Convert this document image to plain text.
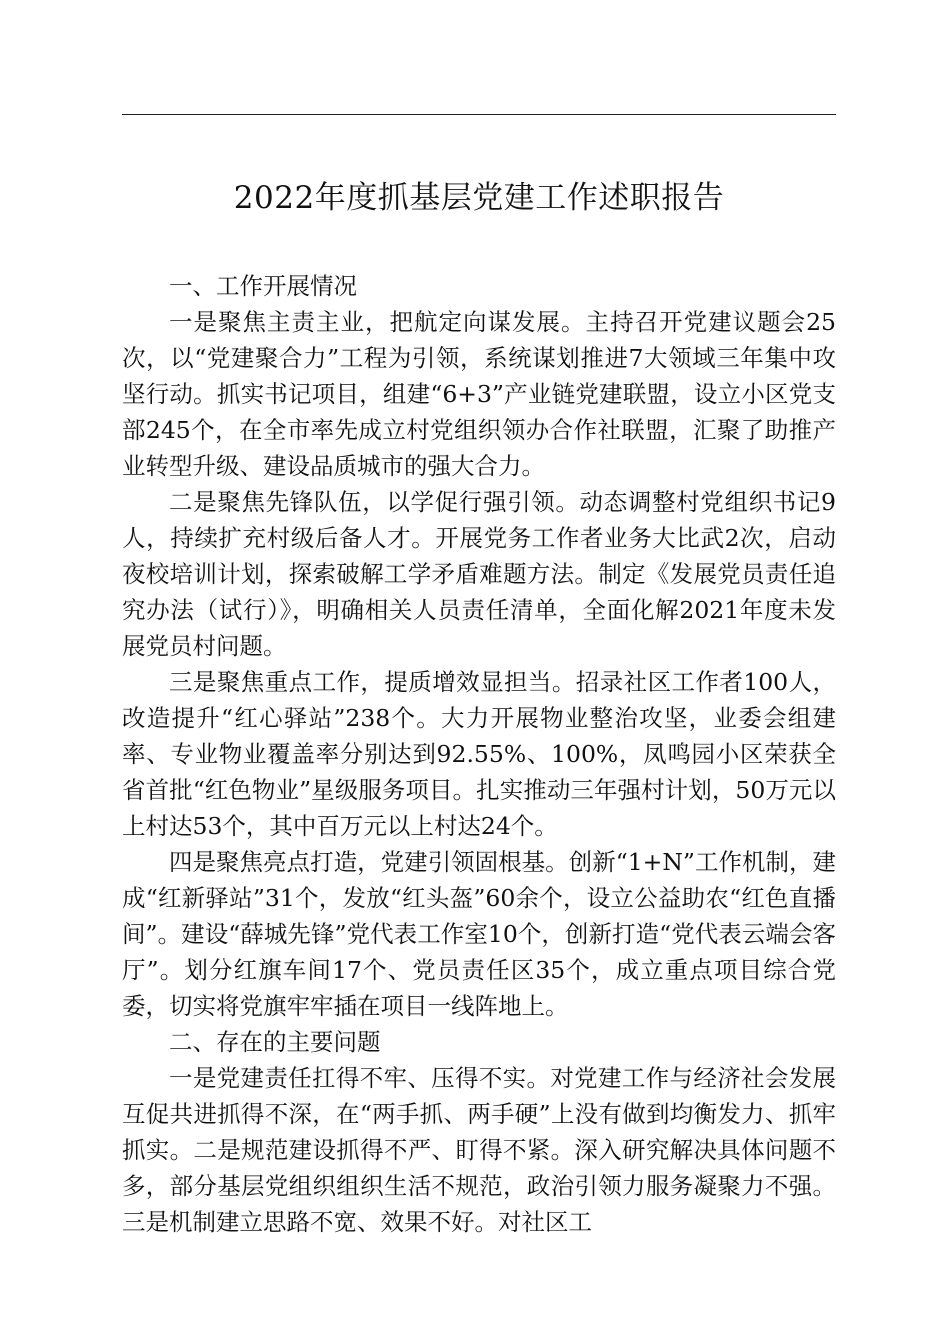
2022年度抓基层党建工作述职报告

一、工作开展情况

一是聚焦主责主业，把航定向谋发展。主持召开党建议题会25次，以“党建聚合力”工程为引领，系统谋划推进7大领域三年集中攻坚行动。抓实书记项目，组建“6+3”产业链党建联盟，设立小区党支部245个，在全市率先成立村党组织领办合作社联盟，汇聚了助推产业转型升级、建设品质城市的强大合力。

二是聚焦先锋队伍，以学促行强引领。动态调整村党组织书记9人，持续扩充村级后备人才。开展党务工作者业务大比武2次，启动夜校培训计划，探索破解工学矛盾难题方法。制定《发展党员责任追究办法（试行）》，明确相关人员责任清单，全面化解2021年度未发展党员村问题。

三是聚焦重点工作，提质增效显担当。招录社区工作者100人，改造提升“红心驿站”238个。大力开展物业整治攻坚，业委会组建率、专业物业覆盖率分别达到92.55%、100%，凤鸣园小区荣获全省首批“红色物业”星级服务项目。扎实推动三年强村计划，50万元以上村达53个，其中百万元以上村达24个。

四是聚焦亮点打造，党建引领固根基。创新“1+N”工作机制，建成“红新驿站”31个，发放“红头盔”60余个，设立公益助农“红色直播间”。建设“薛城先锋”党代表工作室10个，创新打造“党代表云端会客厅”。划分红旗车间17个、党员责任区35个，成立重点项目综合党委，切实将党旗牢牢插在项目一线阵地上。

二、存在的主要问题

一是党建责任扛得不牢、压得不实。对党建工作与经济社会发展互促共进抓得不深，在“两手抓、两手硬”上没有做到均衡发力、抓牢抓实。二是规范建设抓得不严、盯得不紧。深入研究解决具体问题不多，部分基层党组织组织生活不规范，政治引领力服务凝聚力不强。三是机制建立思路不宽、效果不好。对社区工
